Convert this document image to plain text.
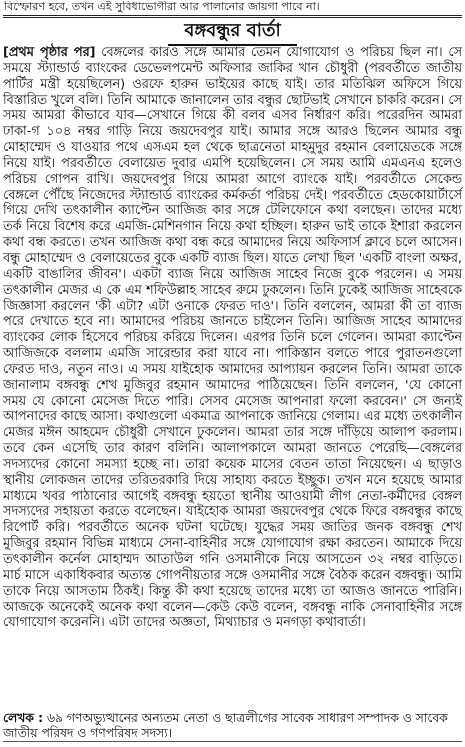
বিস্ফোরণ হবে, তখন এই সুবিধাভোগীরা আর পালানোর জায়গা পাবে না।
বঙ্গবন্ধুর বার্তা

[প্রথম পৃষ্ঠার পর] বেঙ্গলের কারও সঙ্গে আমার তেমন যোগাযোগ ও পরিচয় ছিল না। সে সময়ে স্ট্যান্ডার্ড ব্যাংকের ডেভেলপমেন্ট অফিসার জাকির খান চৌধুরী (পরবর্তীতে জাতীয় পার্টির মন্ত্রী হয়েছিলেন) ওরফে হারুন ভাইয়ের কাছে যাই। তার মতিঝিল অফিসে গিয়ে বিস্তারিত খুলে বলি। তিনি আমাকে জানালেন তার বন্ধুর ছোটভাই সেখানে চাকরি করেন। সে সময় আমরা কীভাবে যাব—সেখানে গিয়ে কী বলব এসব নির্ধারণ করি। পরেরদিন আমরা ঢাকা-গ ১০৪ নম্বর গাড়ি নিয়ে জয়দেবপুর যাই। আমার সঙ্গে আরও ছিলেন আমার বন্ধু মোহাম্মেদ ও যাওয়ার পথে এসএম হল থেকে ছাত্রনেতা মাহমুদুর রহমান বেলায়েতকে সঙ্গে নিয়ে যাই। পরবর্তীতে বেলায়েত দুবার এমপি হয়েছিলেন। সে সময় আমি এমএনএ হলেও পরিচয় গোপন রাখি। জয়দেবপুর গিয়ে আমরা আগে ব্যাংকে যাই। পরবর্তীতে সেকেন্ড বেঙ্গলে পৌঁছে নিজেদের স্ট্যান্ডার্ড ব্যাংকের কর্মকর্তা পরিচয় দেই। পরবর্তীতে হেডকোয়ার্টার্সে গিয়ে দেখি তৎকালীন ক্যাপ্টেন আজিজ কার সঙ্গে টেলিফোনে কথা বলছেন। তাদের মধ্যে তর্ক নিয়ে বিশেষ করে এমজি-মেশিনগান নিয়ে কথা হচ্ছিল। হারুন ভাই তাকে ইশারা করলেন কথা বন্ধ করতে। তখন আজিজ কথা বন্ধ করে আমাদের নিয়ে অফিসার্স ক্লাবে চলে আসেন। বন্ধু মোহাম্মেদ ও বেলায়েতের বুকে একটি ব্যাজ ছিল। যাতে লেখা ছিল 'একটি বাংলা অক্ষর, একটি বাঙালির জীবন'। একটা ব্যাজ নিয়ে আজিজ সাহেব নিজে বুকে পরলেন। এ সময় তৎকালীন মেজর এ কে এম শফিউল্লাহ সাহেব রুমে ঢুকলেন। তিনি ঢুকেই আজিজ সাহেবকে জিজ্ঞাসা করলেন 'কী এটা? এটা ওনাকে ফেরত দাও'। তিনি বললেন, আমরা কী তা ব্যাজ পরে দেখাতে হবে না। আমাদের পরিচয় জানতে চাইলেন তিনি। আজিজ সাহেব আমাদের ব্যাংকের লোক হিসেবে পরিচয় করিয়ে দিলেন। এরপর তিনি চলে গেলেন। আমরা ক্যাপ্টেন আজিজকে বললাম এমজি সারেন্ডার করা যাবে না। পাকিস্তান বলতে পারে পুরাতনগুলো ফেরত দাও, নতুন নাও। এ সময় যাইহোক আমাদের আপ্যায়ন করলেন তিনি। আমরা তাকে জানালাম বঙ্গবন্ধু শেখ মুজিবুর রহমান আমাদের পাঠিয়েছেন। তিনি বললেন, 'যে কোনো সময় যে কোনো মেসেজ দিতে পারি। সেসব মেসেজ আপনারা ফলো করবেন।' সে জন্যই আপনাদের কাছে আসা। কথাগুলো একমাত্র আপনাকে জানিয়ে গেলাম। এর মধ্যে তৎকালীন মেজর মঈন আহমেদ চৌধুরী সেখানে ঢুকলেন। আমরা তার সঙ্গে দাঁড়িয়ে আলাপ করলাম। তবে কেন এসেছি তার কারণ বলিনি। আলাপকালে আমরা জানতে পেরেছি—বেঙ্গলের সদস্যদের কোনো সমস্যা হচ্ছে না। তারা কয়েক মাসের বেতন তাতা নিয়েছেন। এ ছাড়াও স্থানীয় লোকজন তাদের তরিতরকারি দিয়ে সাহায্য করতে ইচ্ছুক। তখন মনে হয়েছে আমার মাধ্যমে খবর পাঠানোর আগেই বঙ্গবন্ধু হয়তো স্থানীয় আওয়ামী লীগ নেতা-কর্মীদের বেঙ্গল সদস্যদের সহায়তা করতে বলেছেন। যাইহোক আমরা জয়দেবপুর থেকে ফিরে বঙ্গবন্ধুর কাছে রিপোর্ট করি। পরবর্তীতে অনেক ঘটনা ঘটেছে। যুদ্ধের সময় জাতির জনক বঙ্গবন্ধু শেখ মুজিবুর রহমান বিভিন্ন মাধ্যমে সেনা-বাহিনীর সঙ্গে যোগাযোগ রক্ষা করতেন। আমাকে দিয়ে তৎকালীন কর্নেল মোহাম্মদ আতাউল গনি ওসমানীকে নিয়ে আসতেন ৩২ নম্বর বাড়িতে। মার্চ মাসে একাধিকবার অত্যন্ত গোপনীয়তার সঙ্গে ওসমানীর সঙ্গে বৈঠক করেন বঙ্গবন্ধু। আমি তাকে নিয়ে আসতাম ঠিকই। কিন্তু কী কথা হয়েছে তাদের মধ্যে তা আজও জানতে পারিনি। আজকে অনেকেই অনেক কথা বলেন—কেউ কেউ বলেন, বঙ্গবন্ধু নাকি সেনাবাহিনীর সঙ্গে যোগাযোগ করেননি। এটা তাদের অজ্ঞতা, মিথ্যাচার ও মনগড়া কথাবার্তা।

লেখক : ৬৯ গণঅভ্যুত্থানের অন্যতম নেতা ও ছাত্রলীগের সাবেক সাধারণ সম্পাদক ও সাবেক জাতীয় পরিষদ ও গণপরিষদ সদস্য।
